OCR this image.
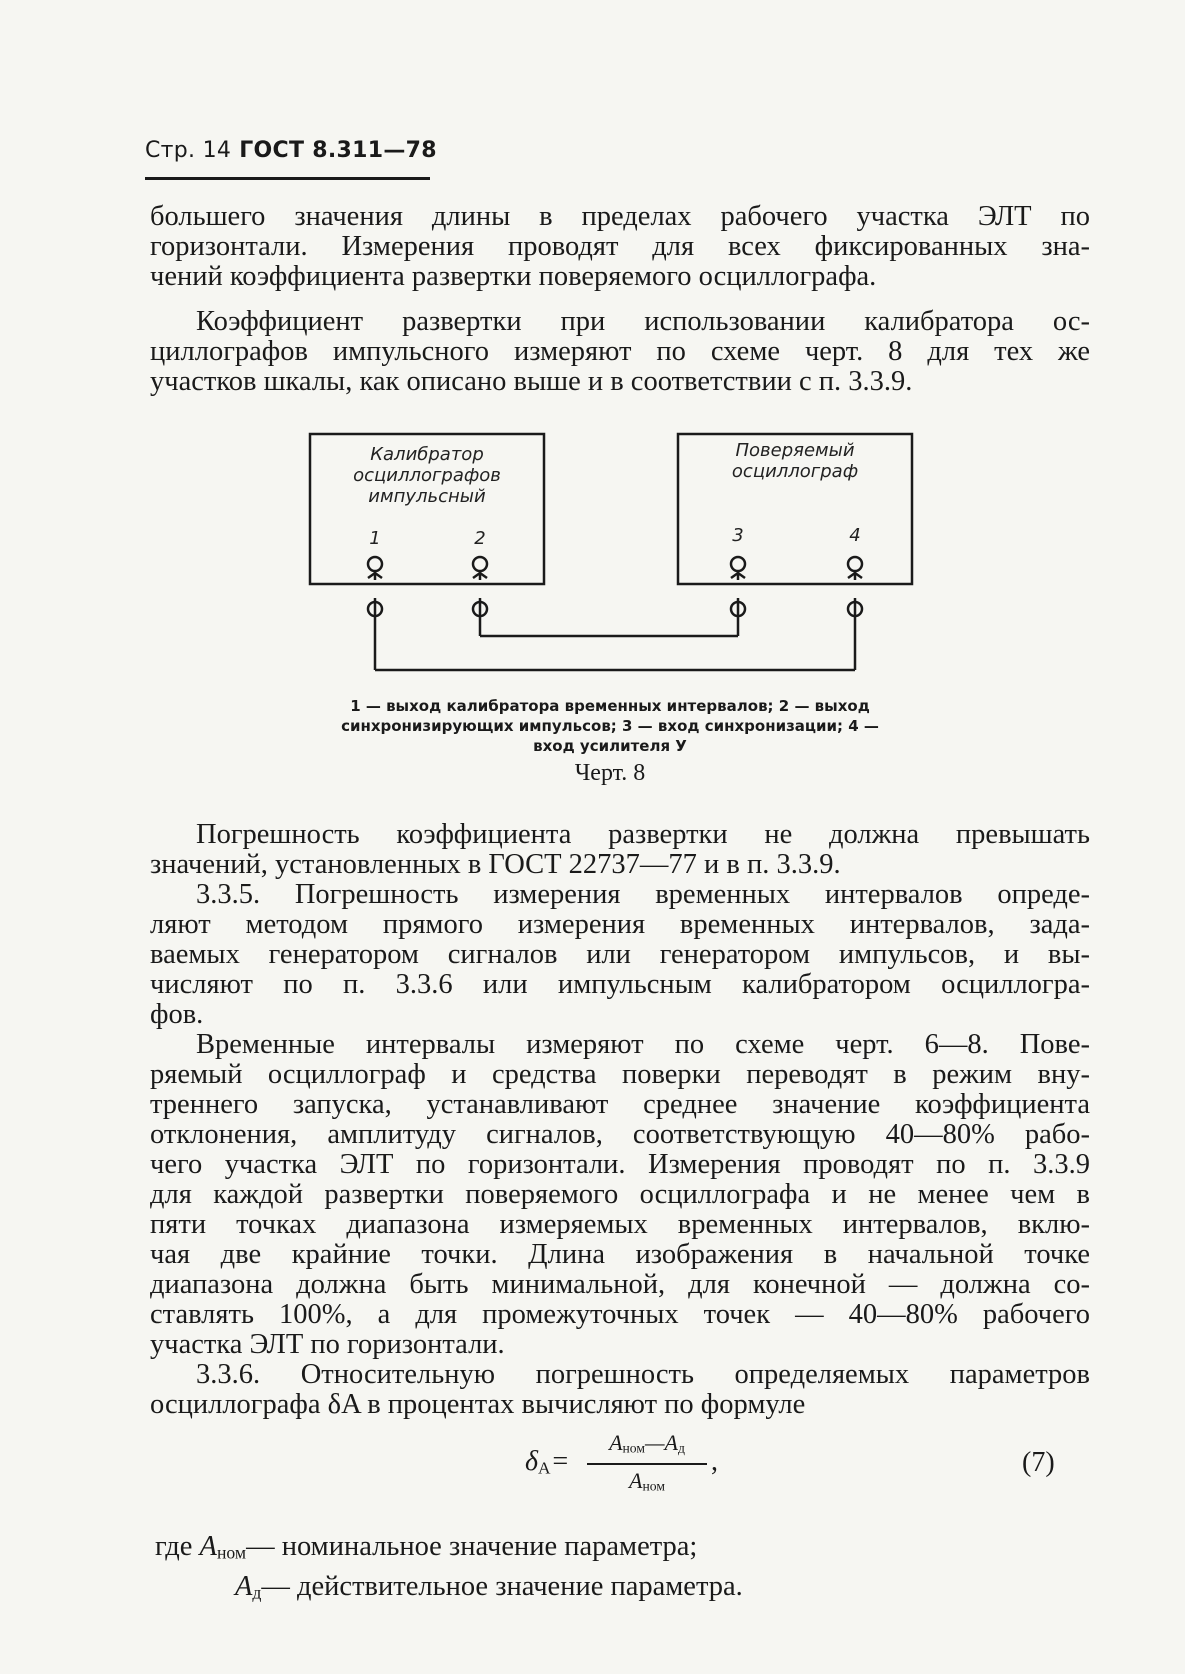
Стр. 14 ГОСТ 8.311—78
большего значения длины в пределах рабочего участка ЭЛТ по
горизонтали. Измерения проводят для всех фиксированных зна-
чений коэффициента развертки поверяемого осциллографа.
Коэффициент развертки при использовании калибратора ос-
циллографов импульсного измеряют по схеме черт. 8 для тех же
участков шкалы, как описано выше и в соответствии с п. 3.3.9.
Калибратор
осциллографов
импульсный
Поверяемый
осциллограф
1	2	3	4
1 — выход калибратора временных интервалов; 2 — выход
синхронизирующих импульсов; 3 — вход синхронизации; 4 —
вход усилителя У
Черт. 8
Погрешность коэффициента развертки не должна превышать
значений, установленных в ГОСТ 22737—77 и в п. 3.3.9.
3.3.5. Погрешность измерения временных интервалов опреде-
ляют методом прямого измерения временных интервалов, зада-
ваемых генератором сигналов или генератором импульсов, и вы-
числяют по п. 3.3.6 или импульсным калибратором осциллогра-
фов.
Временные интервалы измеряют по схеме черт. 6—8. Пове-
ряемый осциллограф и средства поверки переводят в режим вну-
треннего запуска, устанавливают среднее значение коэффициента
отклонения, амплитуду сигналов, соответствующую 40—80% рабо-
чего участка ЭЛТ по горизонтали. Измерения проводят по п. 3.3.9
для каждой развертки поверяемого осциллографа и не менее чем в
пяти точках диапазона измеряемых временных интервалов, вклю-
чая две крайние точки. Длина изображения в начальной точке
диапазона должна быть минимальной, для конечной — должна со-
ставлять 100%, а для промежуточных точек — 40—80% рабочего
участка ЭЛТ по горизонтали.
3.3.6. Относительную погрешность определяемых параметров
осциллографа δA в процентах вычисляют по формуле
$\delta_A=$
$A_{ном}—A_д$
$A_{ном}$
,	(7)
где $A_{ном}—$ номинальное значение параметра;
$A_д—$ действительное значение параметра.
